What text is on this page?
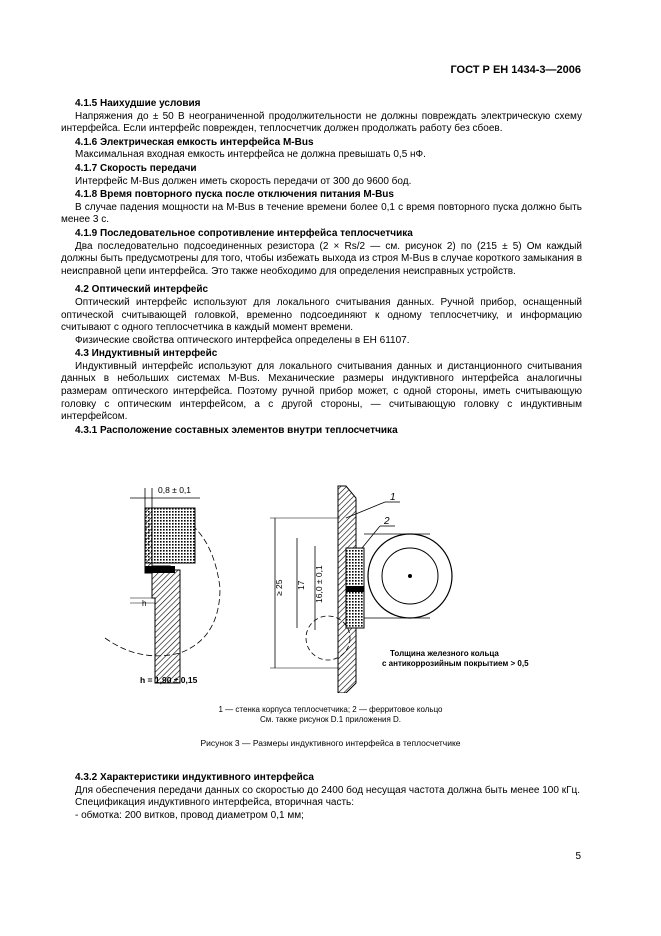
ГОСТ Р ЕН 1434-3—2006

4.1.5 Наихудшие условия

Напряжения до ± 50 В неограниченной продолжительности не должны повреждать электрическую схему интерфейса. Если интерфейс поврежден, теплосчетчик должен продолжать работу без сбоев.

4.1.6 Электрическая емкость интерфейса M-Bus

Максимальная входная емкость интерфейса не должна превышать 0,5 нФ.

4.1.7 Скорость передачи

Интерфейс M-Bus должен иметь скорость передачи от 300 до 9600 бод.

4.1.8 Время повторного пуска после отключения питания M-Bus

В случае падения мощности на M-Bus в течение времени более 0,1 с время повторного пуска должно быть менее 3 с.

4.1.9 Последовательное сопротивление интерфейса теплосчетчика

Два последовательно подсоединенных резистора (2 × Rs/2 — см. рисунок 2) по (215 ± 5) Ом каждый должны быть предусмотрены для того, чтобы избежать выхода из строя M-Bus в случае короткого замыкания в неисправной цепи интерфейса. Это также необходимо для определения неисправных устройств.

4.2 Оптический интерфейс

Оптический интерфейс используют для локального считывания данных. Ручной прибор, оснащенный оптической считывающей головкой, временно подсоединяют к одному теплосчетчику, и информацию считывают с одного теплосчетчика в каждый момент времени.

Физические свойства оптического интерфейса определены в ЕН 61107.

4.3 Индуктивный интерфейс

Индуктивный интерфейс используют для локального считывания данных и дистанционного считывания данных в небольших системах M-Bus. Механические размеры индуктивного интерфейса аналогичны размерам оптического интерфейса. Поэтому ручной прибор может, с одной стороны, иметь считывающую головку с оптическим интерфейсом, а с другой стороны, — считывающую головку с индуктивным интерфейсом.

4.3.1 Расположение составных элементов внутри теплосчетчика

0,8 ± 0,1
h
h = 1,90 ± 0,15
≥ 25 17 16,0 ± 0,1
1
2
Толщина железного кольца
с антикоррозийным покрытием > 0,5
1 — стенка корпуса теплосчетчика; 2 — ферритовое кольцо
См. также рисунок D.1 приложения D.
Рисунок 3 — Размеры индуктивного интерфейса в теплосчетчике

4.3.2 Характеристики индуктивного интерфейса

Для обеспечения передачи данных со скоростью до 2400 бод несущая частота должна быть менее 100 кГц.

Спецификация индуктивного интерфейса, вторичная часть:

- обмотка: 200 витков, провод диаметром 0,1 мм;

5
